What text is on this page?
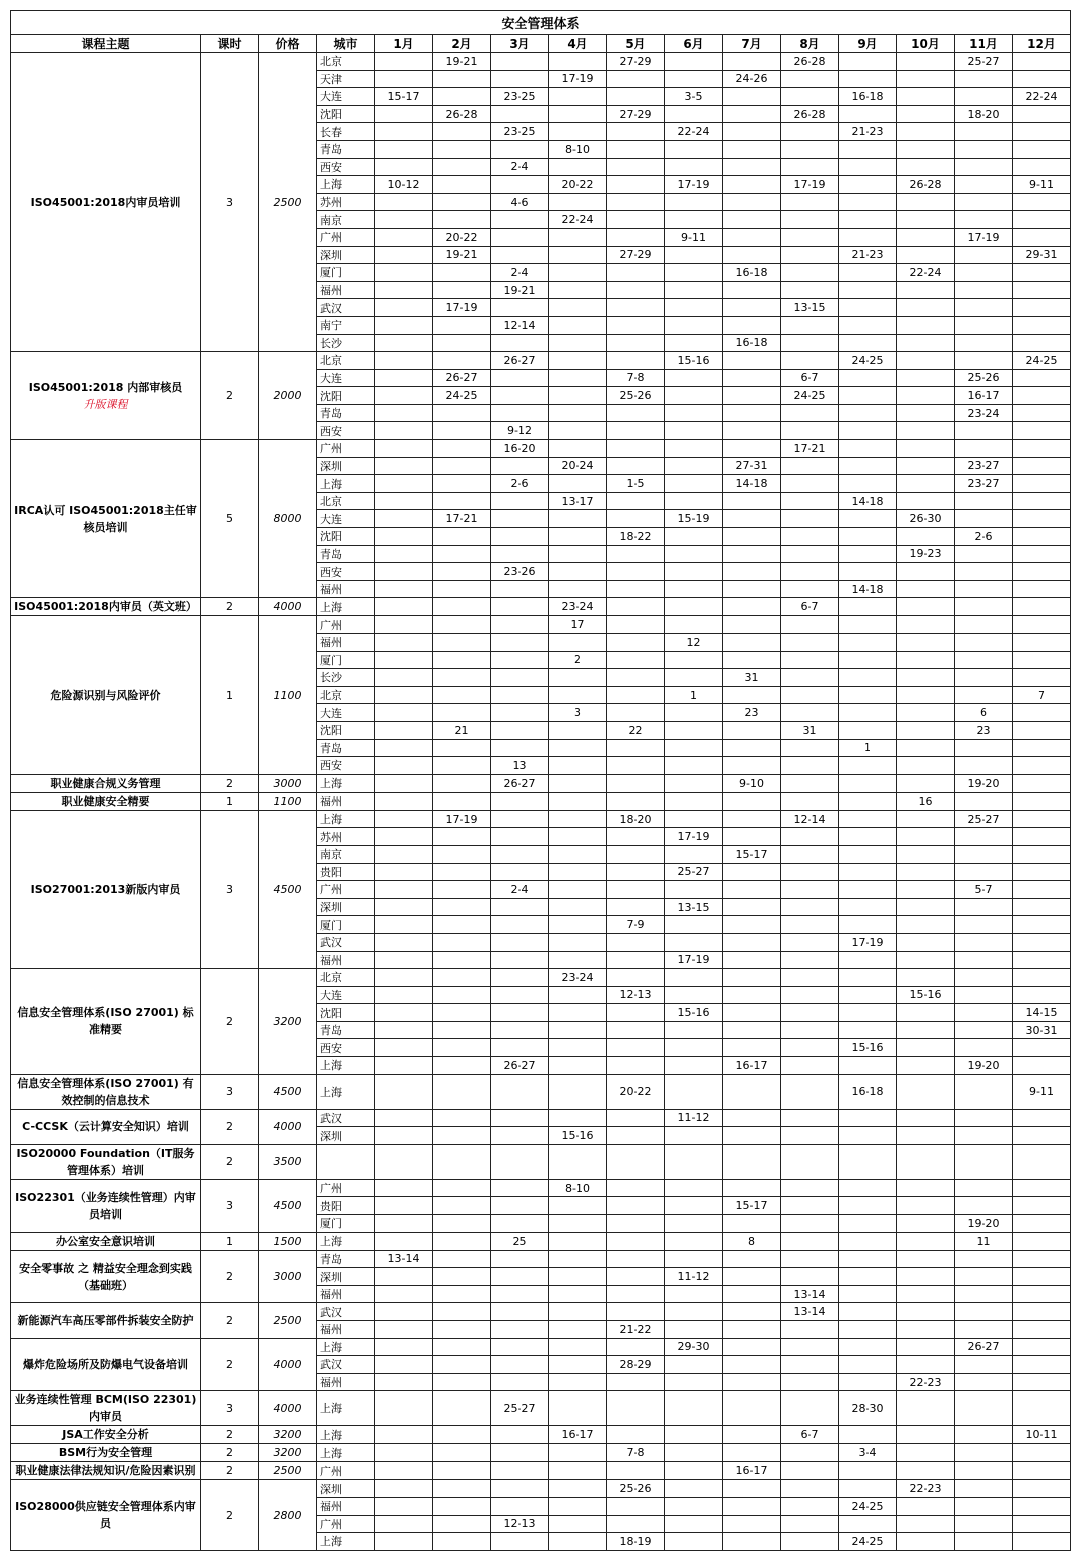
安全管理体系															
课程主题	课时	价格	城市	1月	2月	3月	4月	5月	6月	7月	8月	9月	10月	11月	12月
ISO45001:2018内审员培训	3	2500	北京		19-21			27-29			26-28			25-27	
			天津				17-19			24-26					
			大连	15-17		23-25			3-5			16-18			22-24
			沈阳		26-28			27-29			26-28			18-20	
			长春			23-25			22-24			21-23			
			青岛				8-10								
			西安			2-4									
			上海	10-12			20-22		17-19		17-19		26-28		9-11
			苏州			4-6									
			南京				22-24								
			广州		20-22				9-11					17-19	
			深圳		19-21			27-29				21-23			29-31
			厦门			2-4				16-18			22-24		
			福州			19-21									
			武汉		17-19						13-15				
			南宁			12-14									
			长沙							16-18					
ISO45001:2018 内部审核员
升版课程	2	2000	北京			26-27			15-16			24-25			24-25
			大连		26-27			7-8			6-7			25-26	
			沈阳		24-25			25-26			24-25			16-17	
			青岛											23-24	
			西安			9-12									
IRCA认可 ISO45001:2018主任审核员培训	5	8000	广州			16-20					17-21				
			深圳				20-24			27-31				23-27	
			上海			2-6		1-5		14-18				23-27	
			北京				13-17					14-18			
			大连		17-21				15-19				26-30		
			沈阳					18-22						2-6	
			青岛										19-23		
			西安			23-26									
			福州									14-18			
ISO45001:2018内审员（英文班）	2	4000	上海				23-24				6-7				
危险源识别与风险评价	1	1100	广州				17								
			福州						12						
			厦门				2								
			长沙							31					
			北京						1						7
			大连				3			23				6	
			沈阳		21			22			31			23	
			青岛									1			
			西安			13									
职业健康合规义务管理	2	3000	上海			26-27				9-10				19-20	
职业健康安全精要	1	1100	福州										16		
ISO27001:2013新版内审员	3	4500	上海		17-19			18-20			12-14			25-27	
			苏州						17-19						
			南京							15-17					
			贵阳						25-27						
			广州			2-4								5-7	
			深圳						13-15						
			厦门					7-9							
			武汉									17-19			
			福州						17-19						
信息安全管理体系(ISO 27001) 标准精要	2	3200	北京				23-24								
			大连					12-13					15-16		
			沈阳						15-16						14-15
			青岛												30-31
			西安									15-16			
			上海			26-27				16-17				19-20	
信息安全管理体系(ISO 27001) 有效控制的信息技术	3	4500	上海					20-22				16-18			9-11
C-CCSK（云计算安全知识）培训	2	4000	武汉						11-12						
			深圳				15-16								
ISO20000 Foundation（IT服务管理体系）培训	2	3500													
ISO22301（业务连续性管理）内审员培训	3	4500	广州				8-10								
			贵阳							15-17					
			厦门											19-20	
办公室安全意识培训	1	1500	上海			25				8				11	
安全零事故 之 精益安全理念到实践（基础班）	2	3000	青岛	13-14											
			深圳						11-12						
			福州								13-14				
新能源汽车高压零部件拆装安全防护	2	2500	武汉								13-14				
			福州					21-22							
爆炸危险场所及防爆电气设备培训	2	4000	上海						29-30					26-27	
			武汉					28-29							
			福州										22-23		
业务连续性管理 BCM(ISO 22301)内审员	3	4000	上海			25-27						28-30			
JSA工作安全分析	2	3200	上海				16-17				6-7				10-11
BSM行为安全管理	2	3200	上海					7-8				3-4			
职业健康法律法规知识/危险因素识别	2	2500	广州							16-17					
ISO28000供应链安全管理体系内审员	2	2800	深圳					25-26					22-23		
			福州									24-25			
			广州			12-13									
			上海					18-19				24-25			
